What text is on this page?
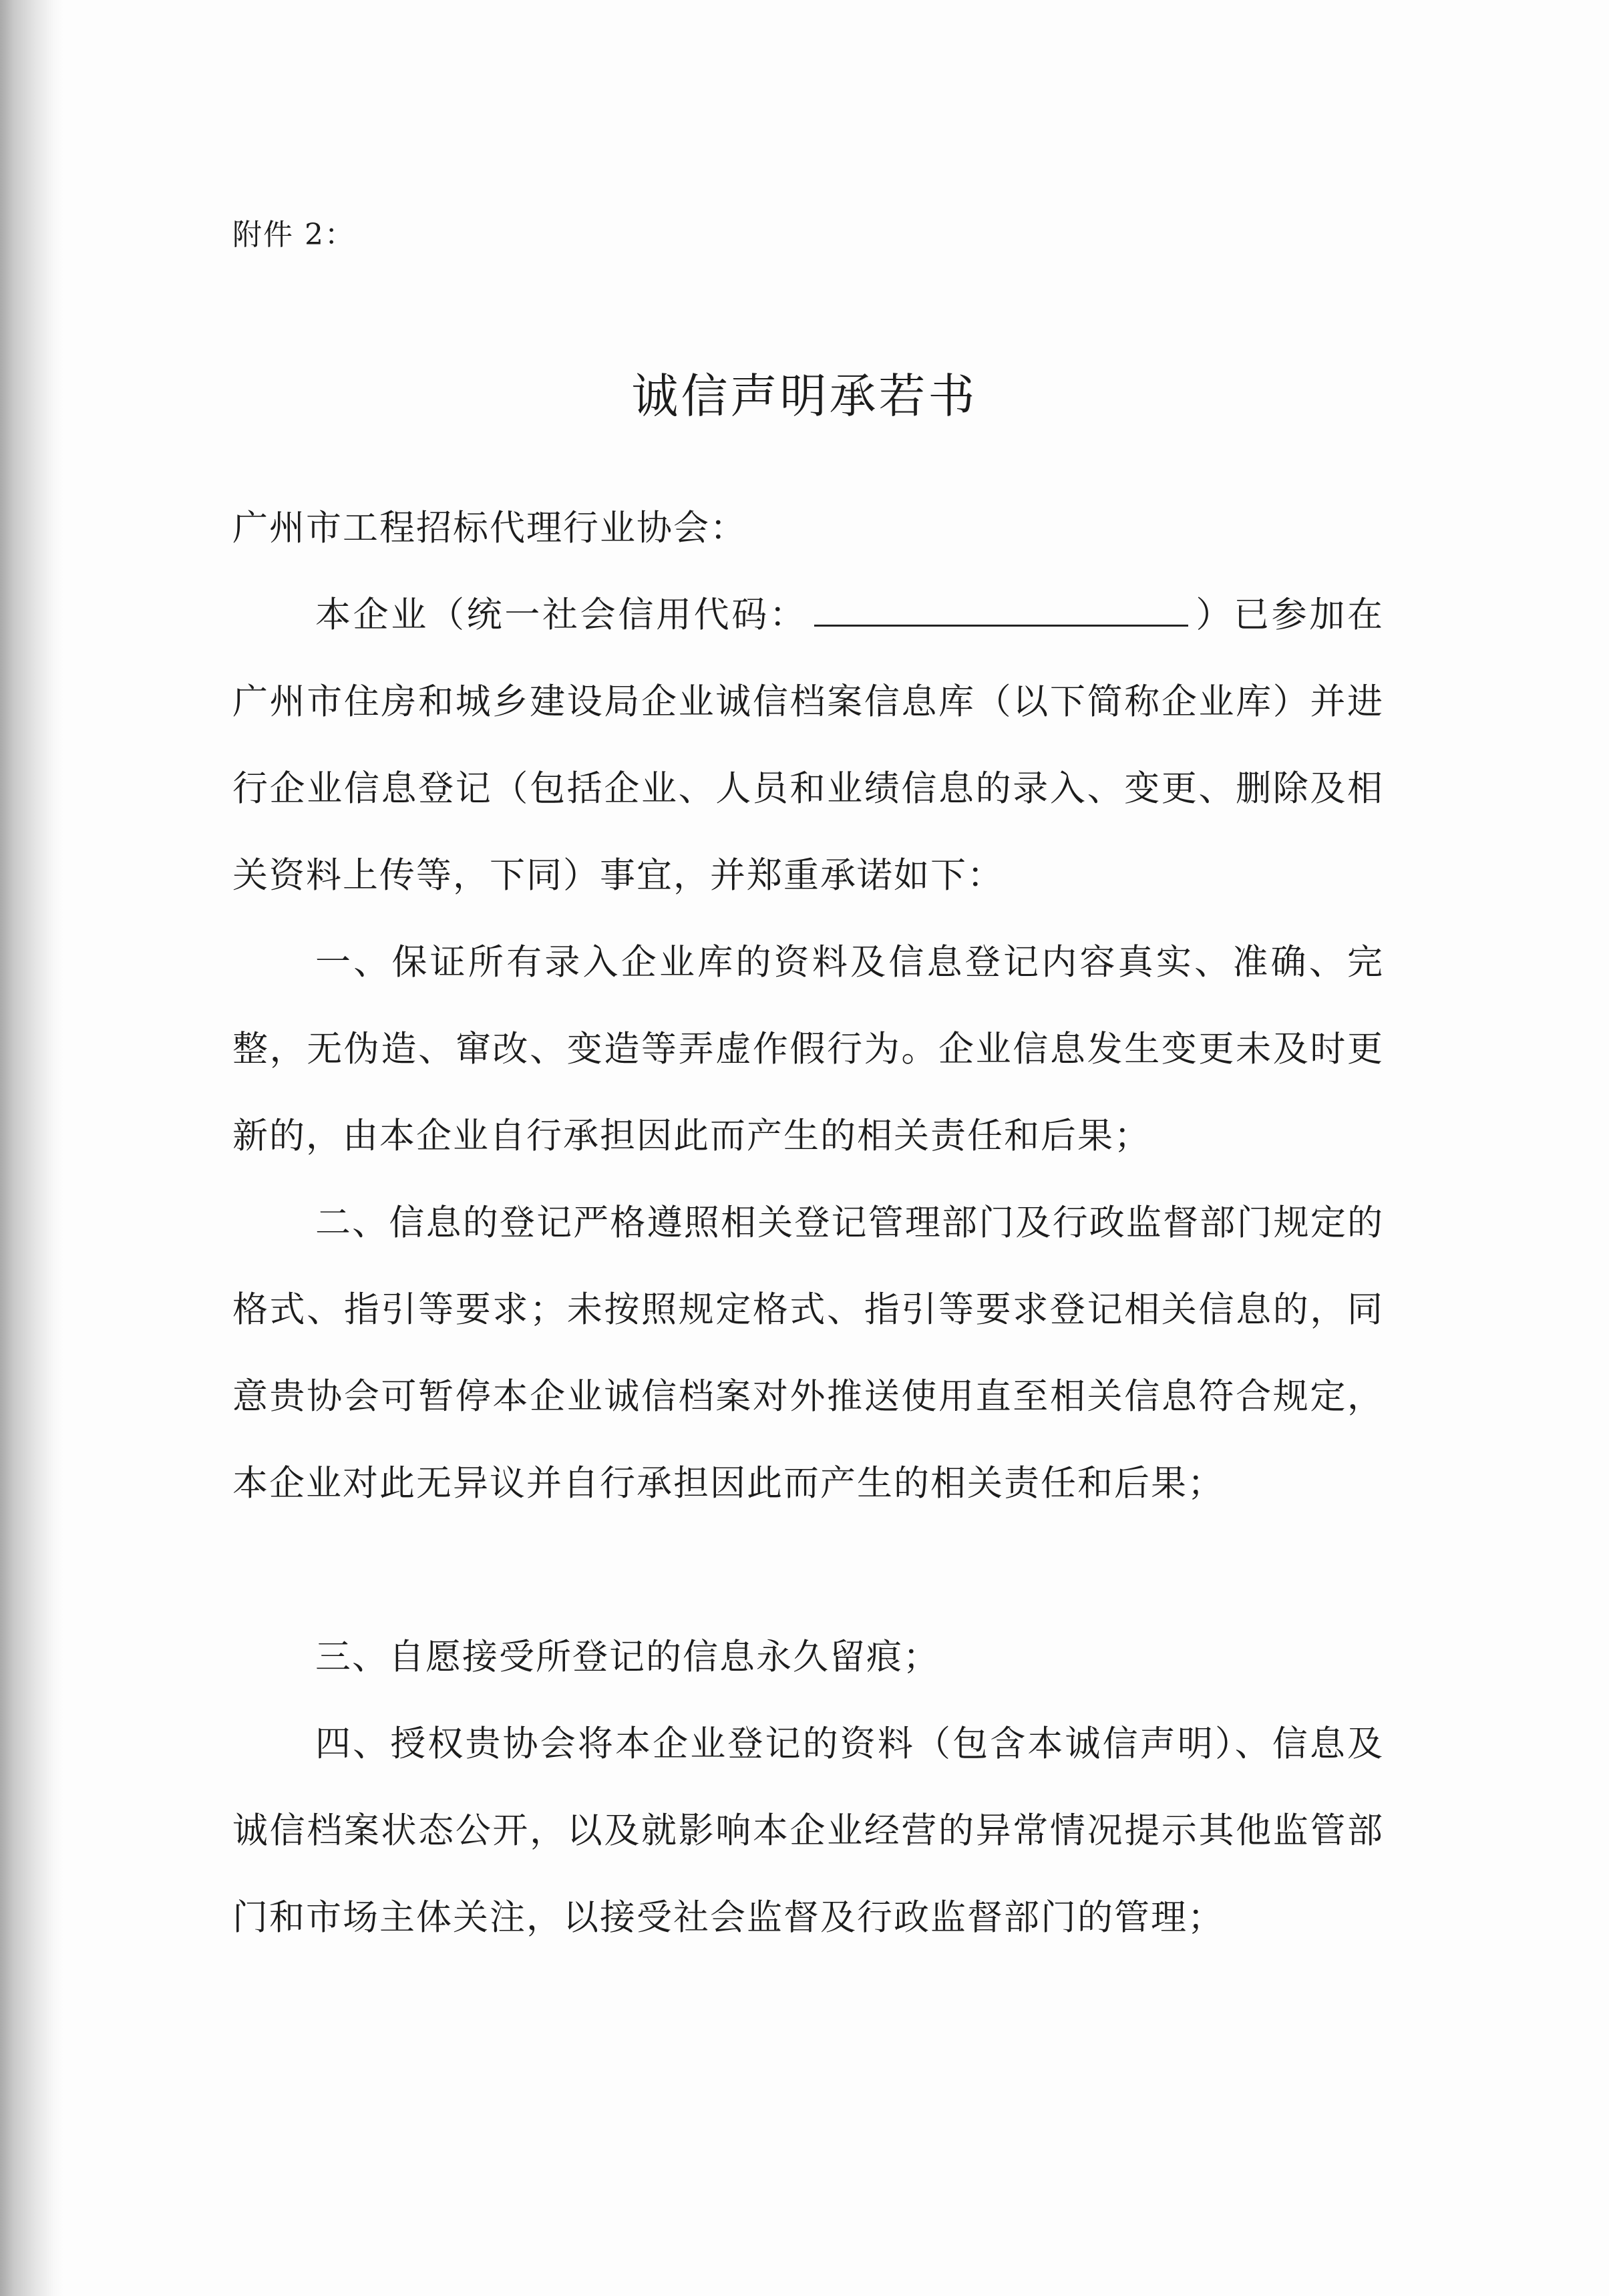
附件 2：
诚信声明承若书
广州市工程招标代理行业协会：
本企业（统一社会信用代码：	）已参加在广州市住房和城乡建设局企业诚信档案信息库（以下简称企业库）并进行企业信息登记（包括企业、人员和业绩信息的录入、变更、删除及相关资料上传等，下同）事宜，并郑重承诺如下：
一、保证所有录入企业库的资料及信息登记内容真实、准确、完整，无伪造、窜改、变造等弄虚作假行为。企业信息发生变更未及时更新的，由本企业自行承担因此而产生的相关责任和后果；
二、信息的登记严格遵照相关登记管理部门及行政监督部门规定的格式、指引等要求；未按照规定格式、指引等要求登记相关信息的，同意贵协会可暂停本企业诚信档案对外推送使用直至相关信息符合规定，本企业对此无异议并自行承担因此而产生的相关责任和后果；
三、自愿接受所登记的信息永久留痕；
四、授权贵协会将本企业登记的资料（包含本诚信声明）、信息及诚信档案状态公开，以及就影响本企业经营的异常情况提示其他监管部门和市场主体关注，以接受社会监督及行政监督部门的管理；
